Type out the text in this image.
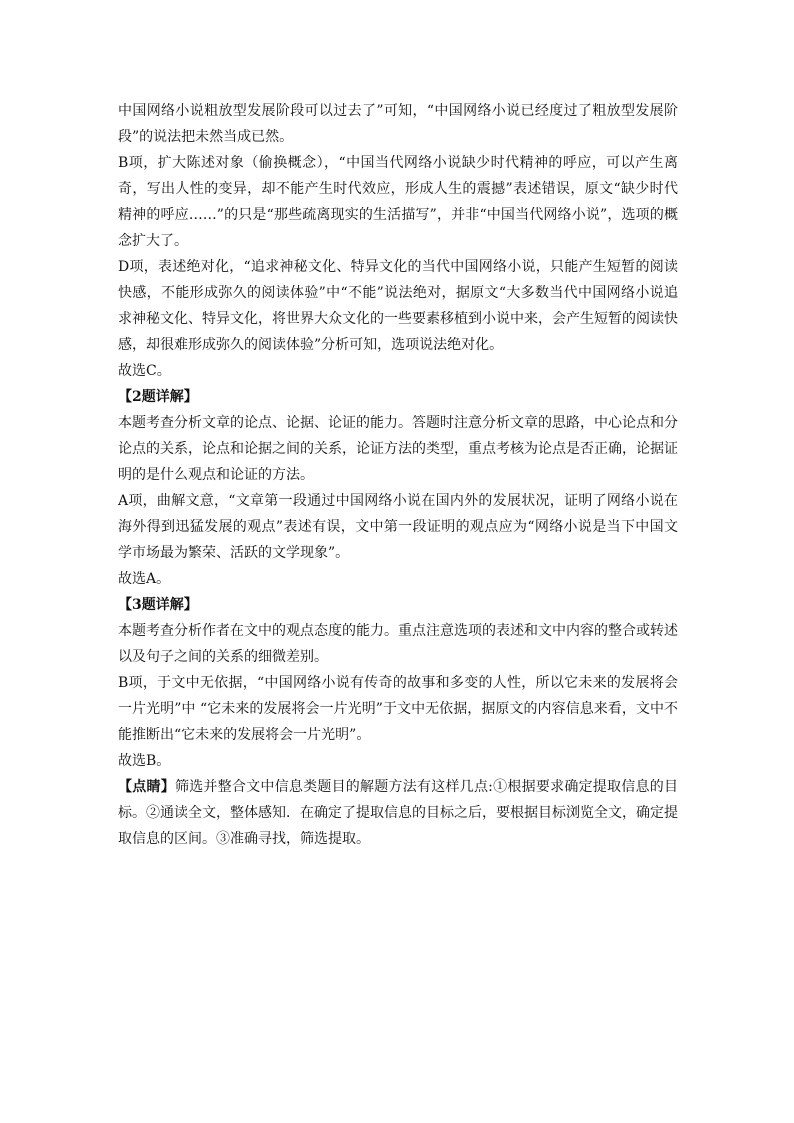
中国网络小说粗放型发展阶段可以过去了”可知，“中国网络小说已经度过了粗放型发展阶段”的说法把未然当成已然。

B项，扩大陈述对象（偷换概念），“中国当代网络小说缺少时代精神的呼应，可以产生离奇，写出人性的变异，却不能产生时代效应，形成人生的震撼”表述错误，原文“缺少时代精神的呼应……”的只是“那些疏离现实的生活描写”，并非“中国当代网络小说”，选项的概念扩大了。

D项，表述绝对化，“追求神秘文化、特异文化的当代中国网络小说，只能产生短暂的阅读快感，不能形成弥久的阅读体验”中“不能”说法绝对，据原文“大多数当代中国网络小说追求神秘文化、特异文化，将世界大众文化的一些要素移植到小说中来，会产生短暂的阅读快感，却很难形成弥久的阅读体验”分析可知，选项说法绝对化。

故选C。

【2题详解】

本题考查分析文章的论点、论据、论证的能力。答题时注意分析文章的思路，中心论点和分论点的关系，论点和论据之间的关系，论证方法的类型，重点考核为论点是否正确，论据证明的是什么观点和论证的方法。

A项，曲解文意，“文章第一段通过中国网络小说在国内外的发展状况，证明了网络小说在海外得到迅猛发展的观点”表述有误，文中第一段证明的观点应为“网络小说是当下中国文学市场最为繁荣、活跃的文学现象”。

故选A。

【3题详解】

本题考查分析作者在文中的观点态度的能力。重点注意选项的表述和文中内容的整合或转述以及句子之间的关系的细微差别。

B项，于文中无依据，“中国网络小说有传奇的故事和多变的人性，所以它未来的发展将会一片光明”中 “它未来的发展将会一片光明”于文中无依据，据原文的内容信息来看，文中不能推断出“它未来的发展将会一片光明”。

故选B。

【点睛】筛选并整合文中信息类题目的解题方法有这样几点:①根据要求确定提取信息的目标。②通读全文，整体感知．在确定了提取信息的目标之后，要根据目标浏览全文，确定提取信息的区间。③准确寻找，筛选提取。
